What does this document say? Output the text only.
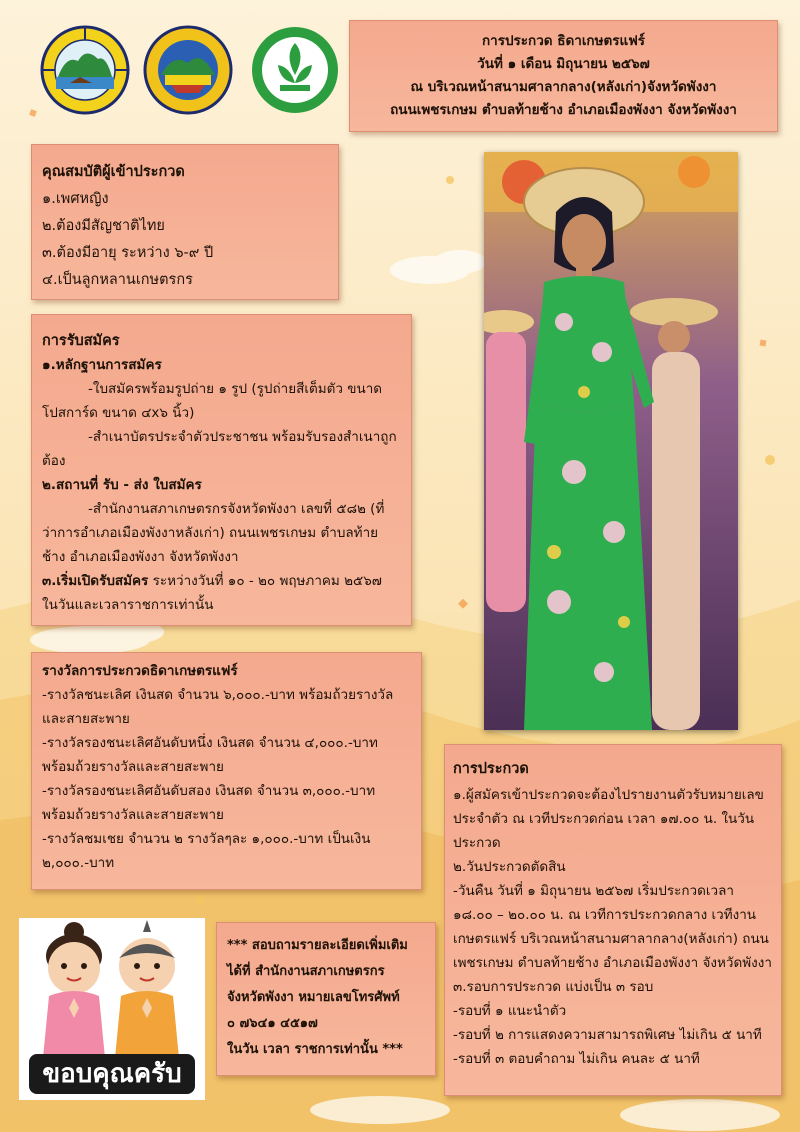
การประกวด ธิดาเกษตรแฟร์

วันที่ ๑ เดือน มิถุนายน ๒๕๖๗

ณ บริเวณหน้าสนามศาลากลาง(หลังเก่า)จังหวัดพังงา

ถนนเพชรเกษม ตำบลท้ายช้าง อำเภอเมืองพังงา จังหวัดพังงา

คุณสมบัติผู้เข้าประกวด

๑.เพศหญิง

๒.ต้องมีสัญชาติไทย

๓.ต้องมีอายุ ระหว่าง ๖-๙ ปี

๔.เป็นลูกหลานเกษตรกร

การรับสมัคร

๑.หลักฐานการสมัคร

-ใบสมัครพร้อมรูปถ่าย ๑ รูป (รูปถ่ายสีเต็มตัว ขนาดโปสการ์ด ขนาด ๔x๖ นิ้ว)

-สำเนาบัตรประจำตัวประชาชน พร้อมรับรองสำเนาถูกต้อง

๒.สถานที่ รับ - ส่ง ใบสมัคร

-สำนักงานสภาเกษตรกรจังหวัดพังงา เลขที่ ๕๘๒ (ที่ว่าการอำเภอเมืองพังงาหลังเก่า) ถนนเพชรเกษม ตำบลท้ายช้าง อำเภอเมืองพังงา จังหวัดพังงา

๓.เริ่มเปิดรับสมัคร ระหว่างวันที่ ๑๐ - ๒๐ พฤษภาคม ๒๕๖๗ ในวันและเวลาราชการเท่านั้น

รางวัลการประกวดธิดาเกษตรแฟร์

-รางวัลชนะเลิศ เงินสด จำนวน ๖,๐๐๐.-บาท พร้อมถ้วยรางวัลและสายสะพาย

-รางวัลรองชนะเลิศอันดับหนึ่ง เงินสด จำนวน ๔,๐๐๐.-บาท พร้อมถ้วยรางวัลและสายสะพาย

-รางวัลรองชนะเลิศอันดับสอง เงินสด จำนวน ๓,๐๐๐.-บาท พร้อมถ้วยรางวัลและสายสะพาย

-รางวัลชมเชย จำนวน ๒ รางวัลๆละ ๑,๐๐๐.-บาท เป็นเงิน ๒,๐๐๐.-บาท

การประกวด

๑.ผู้สมัครเข้าประกวดจะต้องไปรายงานตัวรับหมายเลขประจำตัว ณ เวทีประกวดก่อน เวลา ๑๗.๐๐ น. ในวันประกวด

๒.วันประกวดตัดสิน

-วันคืน วันที่ ๑ มิถุนายน ๒๕๖๗ เริ่มประกวดเวลา ๑๘.๐๐ – ๒๐.๐๐ น. ณ เวทีการประกวดกลาง เวทีงานเกษตรแฟร์ บริเวณหน้าสนามศาลากลาง(หลังเก่า) ถนนเพชรเกษม ตำบลท้ายช้าง อำเภอเมืองพังงา จังหวัดพังงา

๓.รอบการประกวด แบ่งเป็น ๓ รอบ

-รอบที่ ๑ แนะนำตัว

-รอบที่ ๒ การแสดงความสามารถพิเศษ ไม่เกิน ๕ นาที

-รอบที่ ๓ ตอบคำถาม ไม่เกิน คนละ ๕ นาที

ขอบคุณครับ

*** สอบถามรายละเอียดเพิ่มเติม

ได้ที่ สำนักงานสภาเกษตรกร

จังหวัดพังงา หมายเลขโทรศัพท์

๐ ๗๖๔๑ ๔๕๑๗

ในวัน เวลา ราชการเท่านั้น ***
